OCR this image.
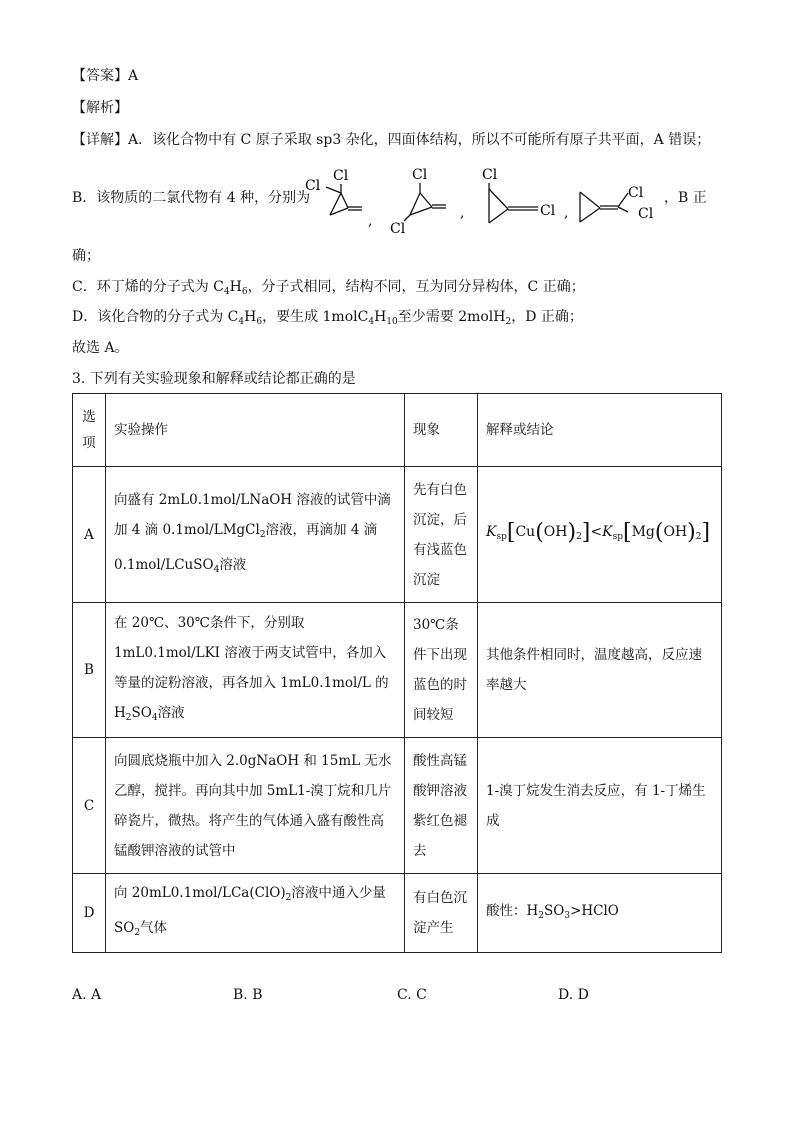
【答案】A
【解析】
【详解】A．该化合物中有 C 原子采取 sp3 杂化，四面体结构，所以不可能所有原子共平面，A 错误；
B．该物质的二氯代物有 4 种，分别为
Cl
Cl
,
Cl
Cl
,
Cl
Cl ,
Cl
Cl
，B 正
确；
C．环丁烯的分子式为 $C_4H_6$，分子式相同，结构不同，互为同分异构体，C 正确；
D．该化合物的分子式为 $C_4H_6$，要生成 $1molC_4H_{10}$至少需要 2molH$_2$，D 正确；
故选 A。
3. 下列有关实验现象和解释或结论都正确的是
选项	实验操作	现象	解释或结论
A	向盛有 2mL0.1mol/LNaOH 溶液的试管中滴加 4 滴 0.1mol/LMgCl$_2$溶液，再滴加 4 滴 0.1mol/LCuSO$_4$溶液	先有白色沉淀，后有浅蓝色沉淀	$K_{sp}[Cu(OH)_2]<K_{sp}[Mg(OH)_2]$
B	在 20℃、30℃条件下，分别取 1mL0.1mol/LKI 溶液于两支试管中，各加入等量的淀粉溶液，再各加入 1mL0.1mol/L 的 $H_2SO_4$溶液	30℃条件下出现蓝色的时间较短	其他条件相同时，温度越高，反应速率越大
C	向圆底烧瓶中加入 2.0gNaOH 和 15mL 无水乙醇，搅拌。再向其中加 5mL1-溴丁烷和几片碎瓷片，微热。将产生的气体通入盛有酸性高锰酸钾溶液的试管中	酸性高锰酸钾溶液紫红色褪去	1-溴丁烷发生消去反应，有 1-丁烯生成
D	向 $20mL0.1mol/LCa(ClO)_2$溶液中通入少量 $SO_2$气体	有白色沉淀产生	酸性：$H_2SO_3>HClO$
A. A	B. B	C. C	D. D
